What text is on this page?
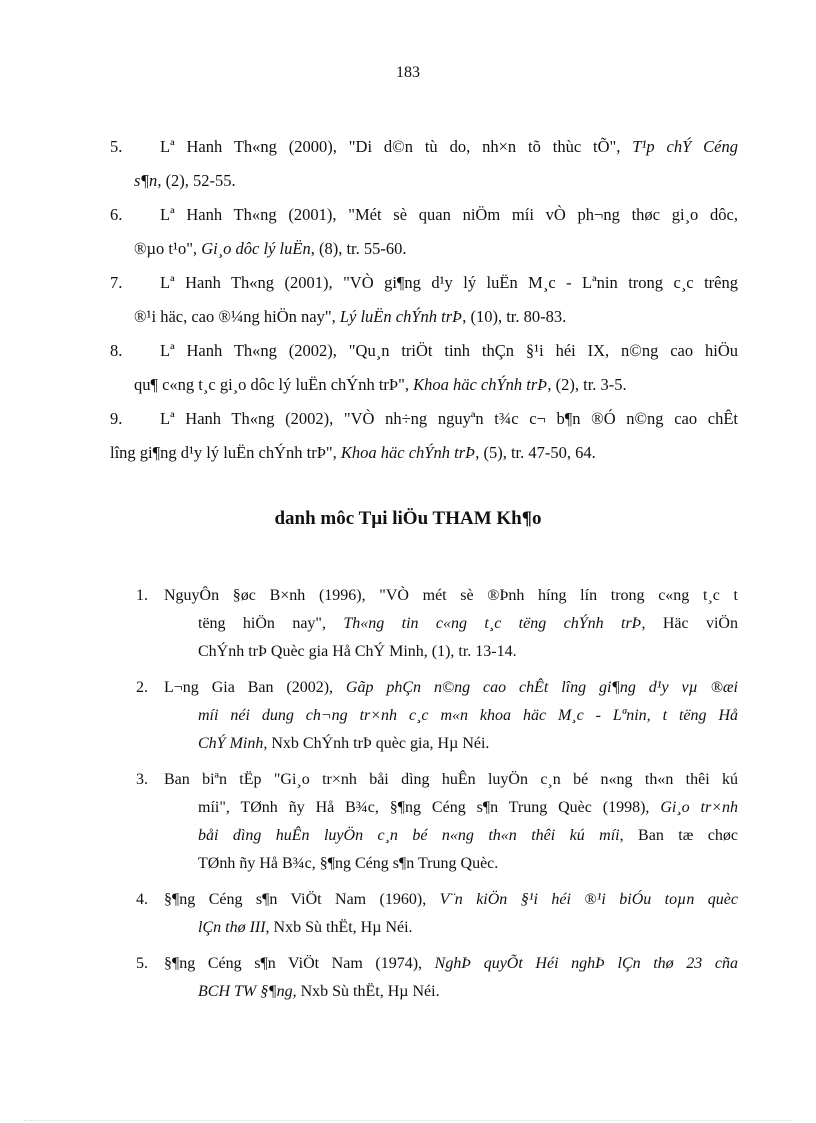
183
5. Lª Hanh Th«ng (2000), "Di d©n tù do, nh×n tõ thùc tÕ", T¹p chÝ Céng
s¶n, (2), 52-55.
6. Lª Hanh Th«ng (2001), "Mét sè quan niÖm míi vÒ ph¬ng thøc gi¸o dôc,
®µo t¹o", Gi¸o dôc lý luËn, (8), tr. 55-60.
7. Lª Hanh Th«ng (2001), "VÒ gi¶ng d¹y lý luËn M¸c - Lªnin trong c¸c trêng
®¹i häc, cao ®¼ng hiÖn nay", Lý luËn chÝnh trÞ, (10), tr. 80-83.
8. Lª Hanh Th«ng (2002), "Qu¸n triÖt tinh thÇn §¹i héi IX, n©ng cao hiÖu
qu¶ c«ng t¸c gi¸o dôc lý luËn chÝnh trÞ", Khoa häc chÝnh trÞ, (2), tr. 3-5.
9. Lª Hanh Th«ng (2002), "VÒ nh÷ng nguyªn t¾c c¬ b¶n ®Ó n©ng cao chÊt
lîng gi¶ng d¹y lý luËn chÝnh trÞ", Khoa häc chÝnh trÞ, (5), tr. 47-50, 64.
danh môc Tµi liÖu THAM Kh¶o
1.	NguyÔn §øc B×nh (1996), "VÒ mét sè ®Þnh híng lín trong c«ng t¸c t
tëng hiÖn nay", Th«ng tin c«ng t¸c tëng chÝnh trÞ, Häc viÖn
ChÝnh trÞ Quèc gia Hå ChÝ Minh, (1), tr. 13-14.
2.	L¬ng Gia Ban (2002), Gãp phÇn n©ng cao chÊt lîng gi¶ng d¹y vµ ®æi
míi néi dung ch¬ng tr×nh c¸c m«n khoa häc M¸c - Lªnin, t tëng Hå
ChÝ Minh, Nxb ChÝnh trÞ quèc gia, Hµ Néi.
3.	Ban biªn tËp "Gi¸o tr×nh båi dìng huÊn luyÖn c¸n bé n«ng th«n thêi kú
míi", TØnh ñy Hå B¾c, §¶ng Céng s¶n Trung Quèc (1998), Gi¸o tr×nh
båi dìng huÊn luyÖn c¸n bé n«ng th«n thêi kú míi, Ban tæ chøc
TØnh ñy Hå B¾c, §¶ng Céng s¶n Trung Quèc.
4.	§¶ng Céng s¶n ViÖt Nam (1960), V¨n kiÖn §¹i héi ®¹i biÓu toµn quèc
lÇn thø III, Nxb Sù thËt, Hµ Néi.
5.	§¶ng Céng s¶n ViÖt Nam (1974), NghÞ quyÕt Héi nghÞ lÇn thø 23 cña
BCH TW §¶ng, Nxb Sù thËt, Hµ Néi.
